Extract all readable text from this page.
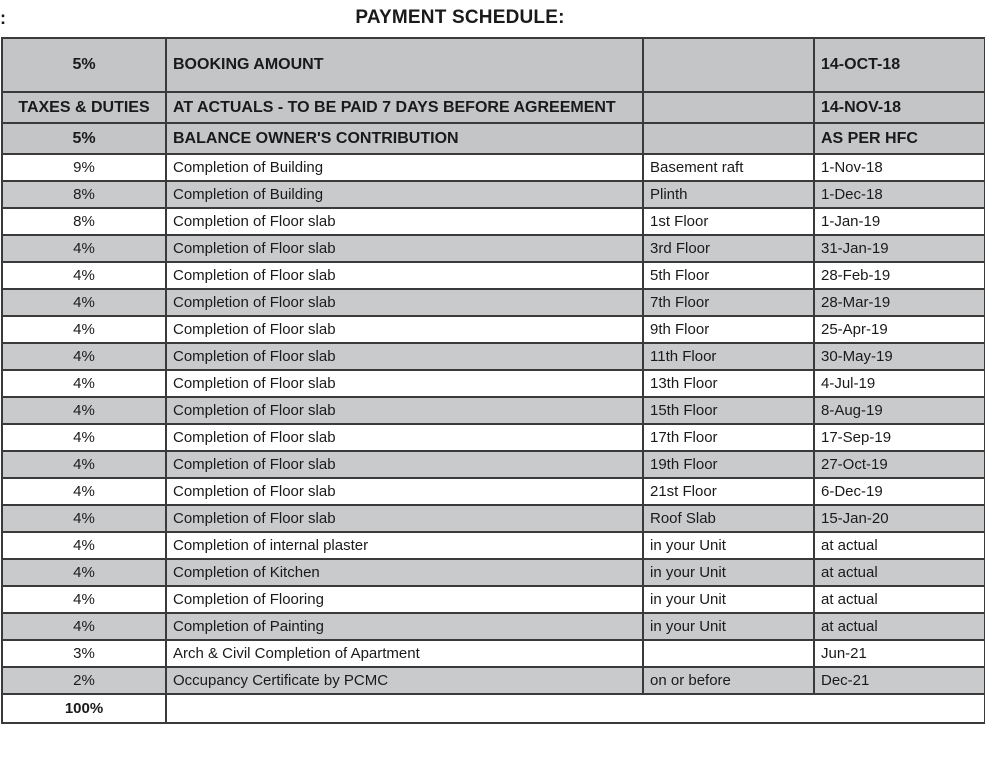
:	PAYMENT SCHEDULE:
5%	BOOKING AMOUNT		14-OCT-18
TAXES & DUTIES	AT ACTUALS - TO BE PAID 7 DAYS BEFORE AGREEMENT		14-NOV-18
5%	BALANCE OWNER'S CONTRIBUTION		AS PER HFC
9%	Completion of Building	Basement raft	1-Nov-18
8%	Completion of Building	Plinth	1-Dec-18
8%	Completion of Floor slab	1st Floor	1-Jan-19
4%	Completion of Floor slab	3rd Floor	31-Jan-19
4%	Completion of Floor slab	5th Floor	28-Feb-19
4%	Completion of Floor slab	7th Floor	28-Mar-19
4%	Completion of Floor slab	9th Floor	25-Apr-19
4%	Completion of Floor slab	11th Floor	30-May-19
4%	Completion of Floor slab	13th Floor	4-Jul-19
4%	Completion of Floor slab	15th Floor	8-Aug-19
4%	Completion of Floor slab	17th Floor	17-Sep-19
4%	Completion of Floor slab	19th Floor	27-Oct-19
4%	Completion of Floor slab	21st Floor	6-Dec-19
4%	Completion of Floor slab	Roof Slab	15-Jan-20
4%	Completion of internal plaster	in your Unit	at actual
4%	Completion of Kitchen	in your Unit	at actual
4%	Completion of Flooring	in your Unit	at actual
4%	Completion of Painting	in your Unit	at actual
3%	Arch & Civil Completion of Apartment		Jun-21
2%	Occupancy Certificate by PCMC	on or before	Dec-21
100%			
